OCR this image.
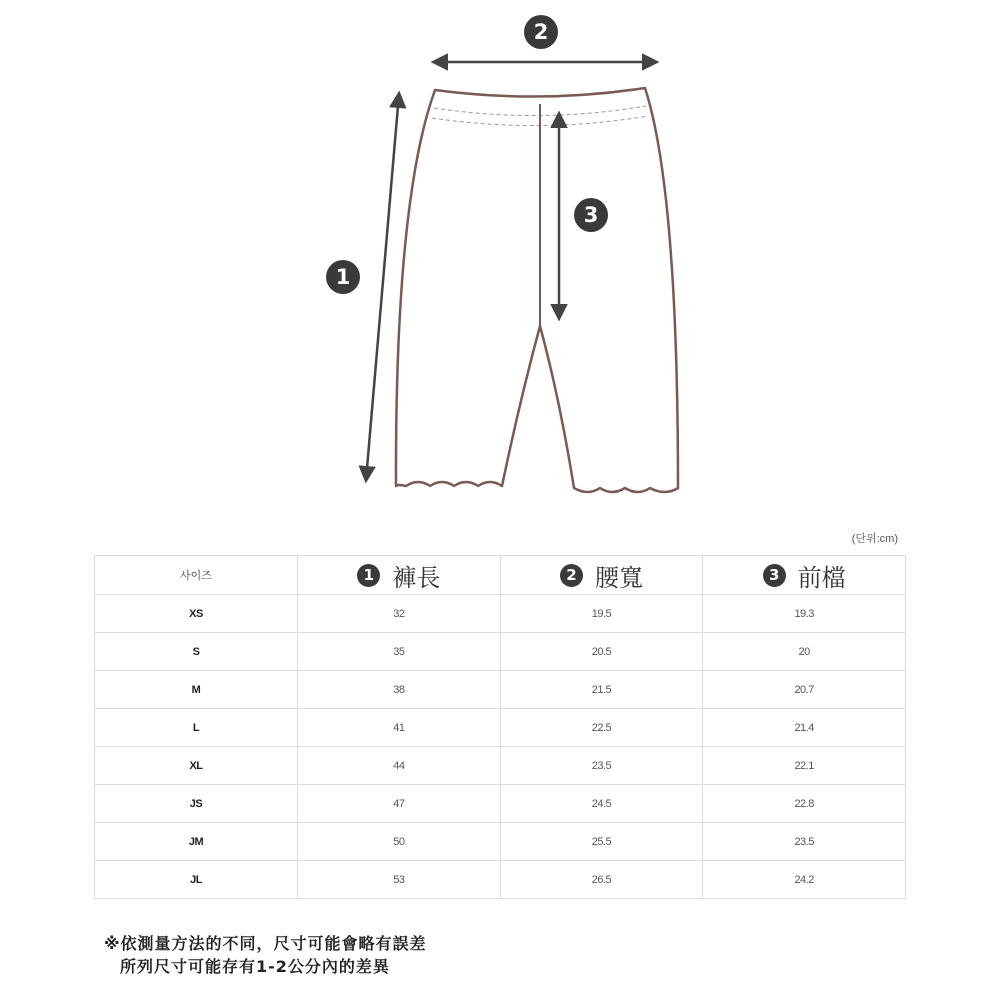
1
2
3
(단위:cm)
사이즈	1 褲長	2 腰寬	3 前檔
XS	32	19.5	19.3
S	35	20.5	20
M	38	21.5	20.7
L	41	22.5	21.4
XL	44	23.5	22.1
JS	47	24.5	22.8
JM	50	25.5	23.5
JL	53	26.5	24.2
※依測量方法的不同，尺寸可能會略有誤差
所列尺寸可能存有1-2公分內的差異
